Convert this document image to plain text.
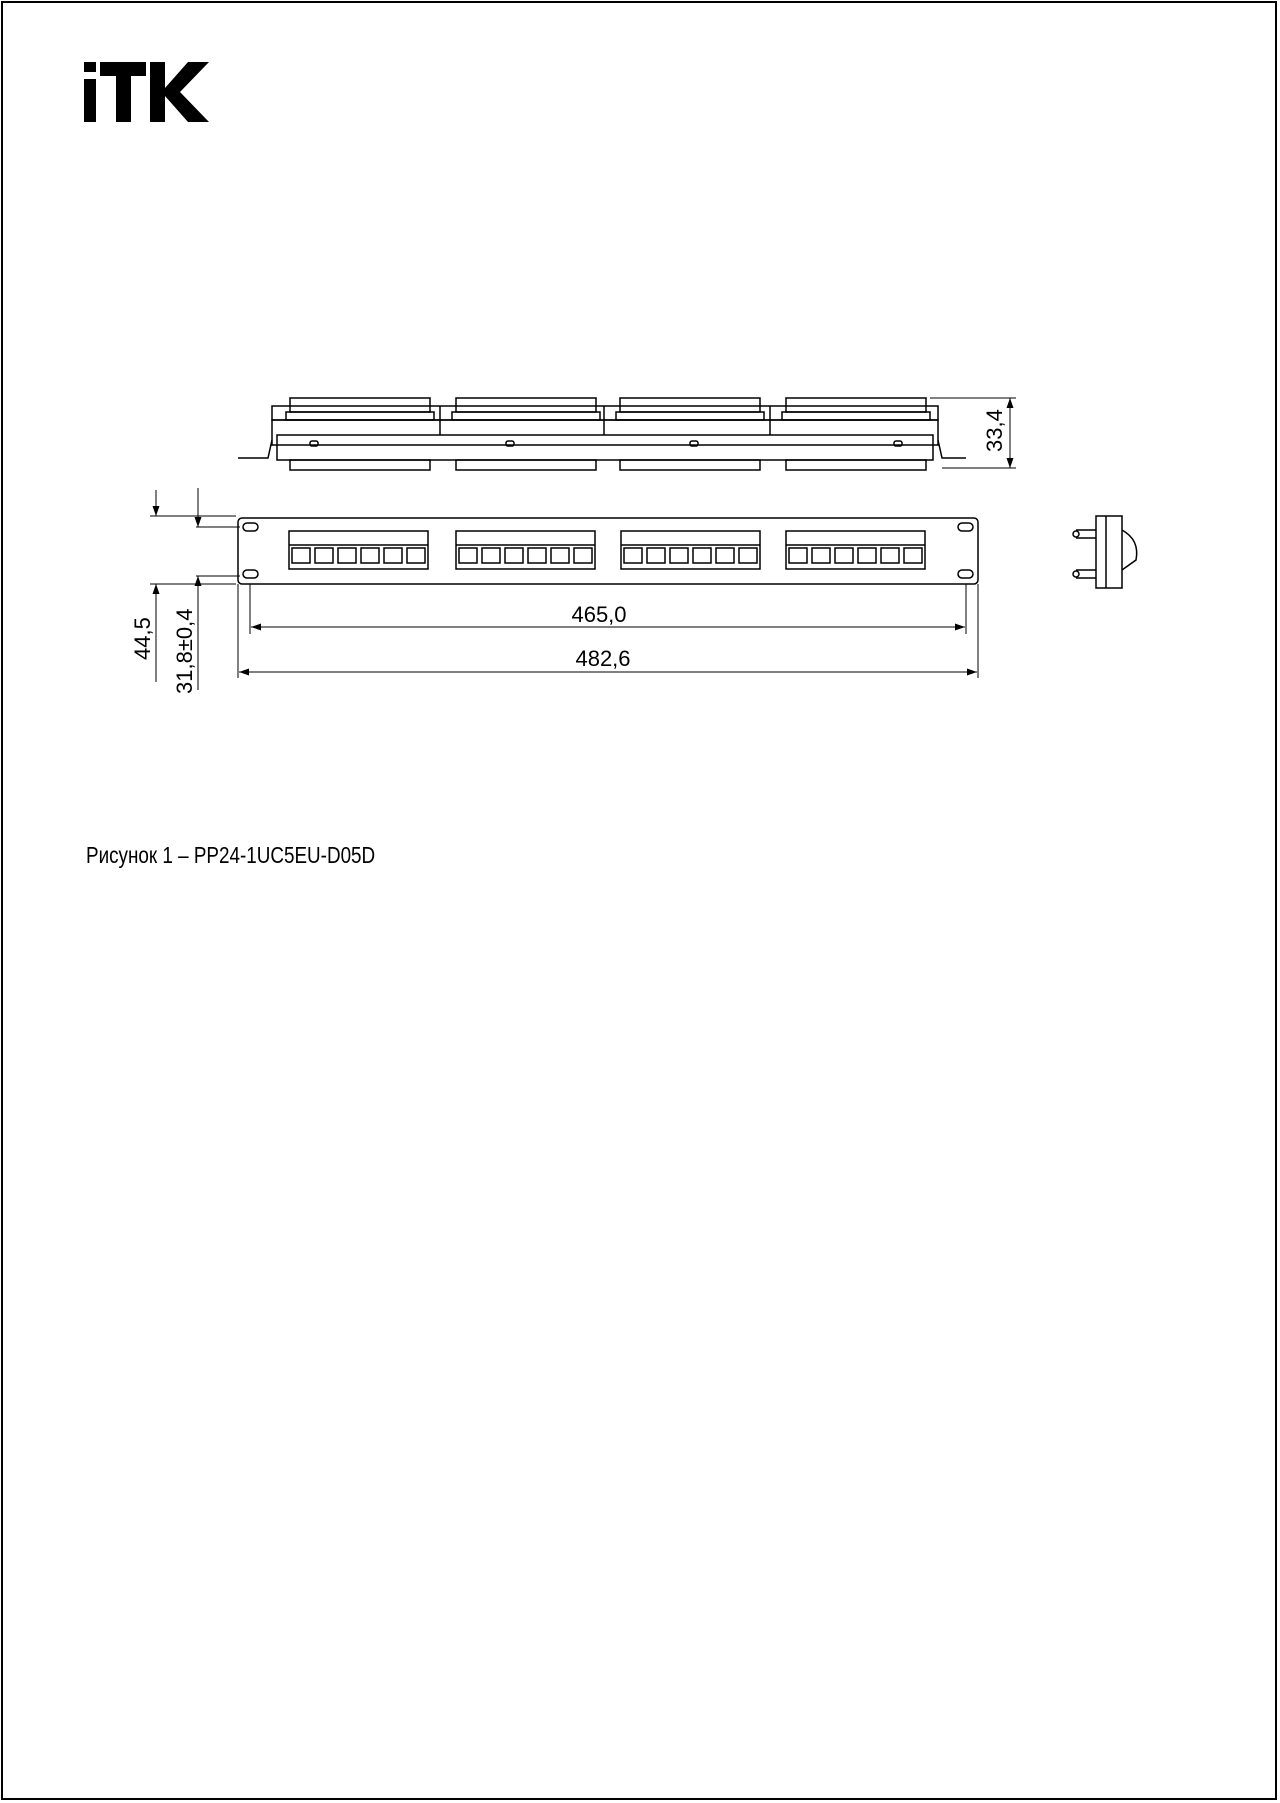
33,4
44,5 31,8±0,4	465,0
482,6
Рисунок 1 – PP24-1UC5EU-D05D
